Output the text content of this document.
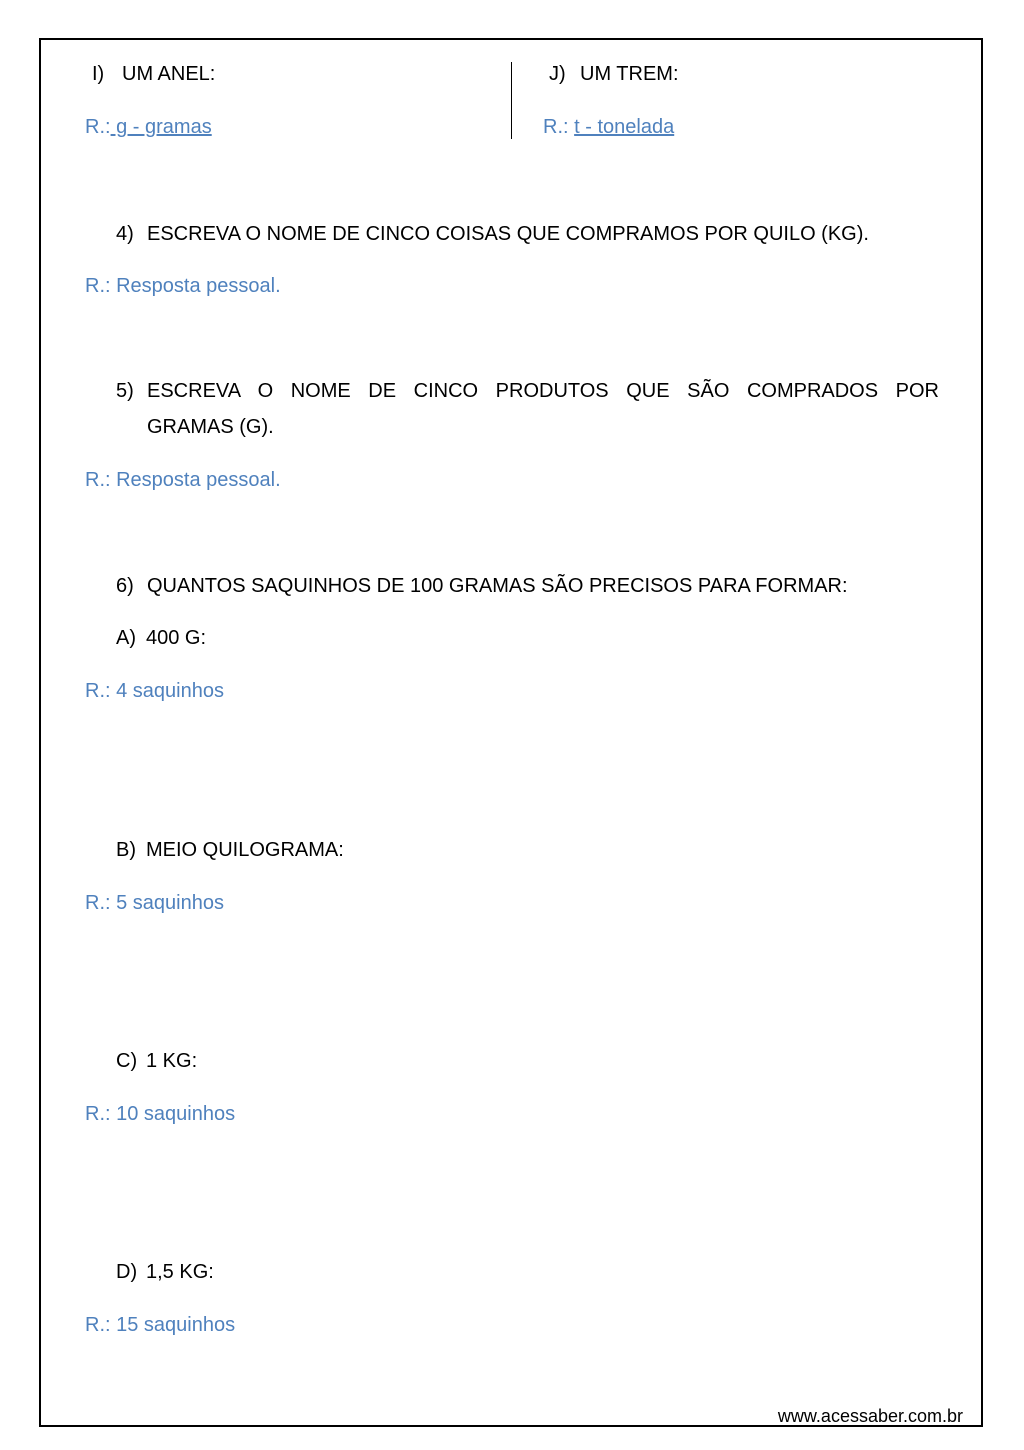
I) UM ANEL:
R.: g - gramas
J) UM TREM:
R.: t - tonelada
4) ESCREVA O NOME DE CINCO COISAS QUE COMPRAMOS POR QUILO (KG).
R.: Resposta pessoal.
5) ESCREVA O NOME DE CINCO PRODUTOS QUE SÃO COMPRADOS POR
GRAMAS (G).
R.: Resposta pessoal.
6) QUANTOS SAQUINHOS DE 100 GRAMAS SÃO PRECISOS PARA FORMAR:
A) 400 G:
R.: 4 saquinhos
B) MEIO QUILOGRAMA:
R.: 5 saquinhos
C) 1 KG:
R.: 10 saquinhos
D) 1,5 KG:
R.: 15 saquinhos
www.acessaber.com.br
